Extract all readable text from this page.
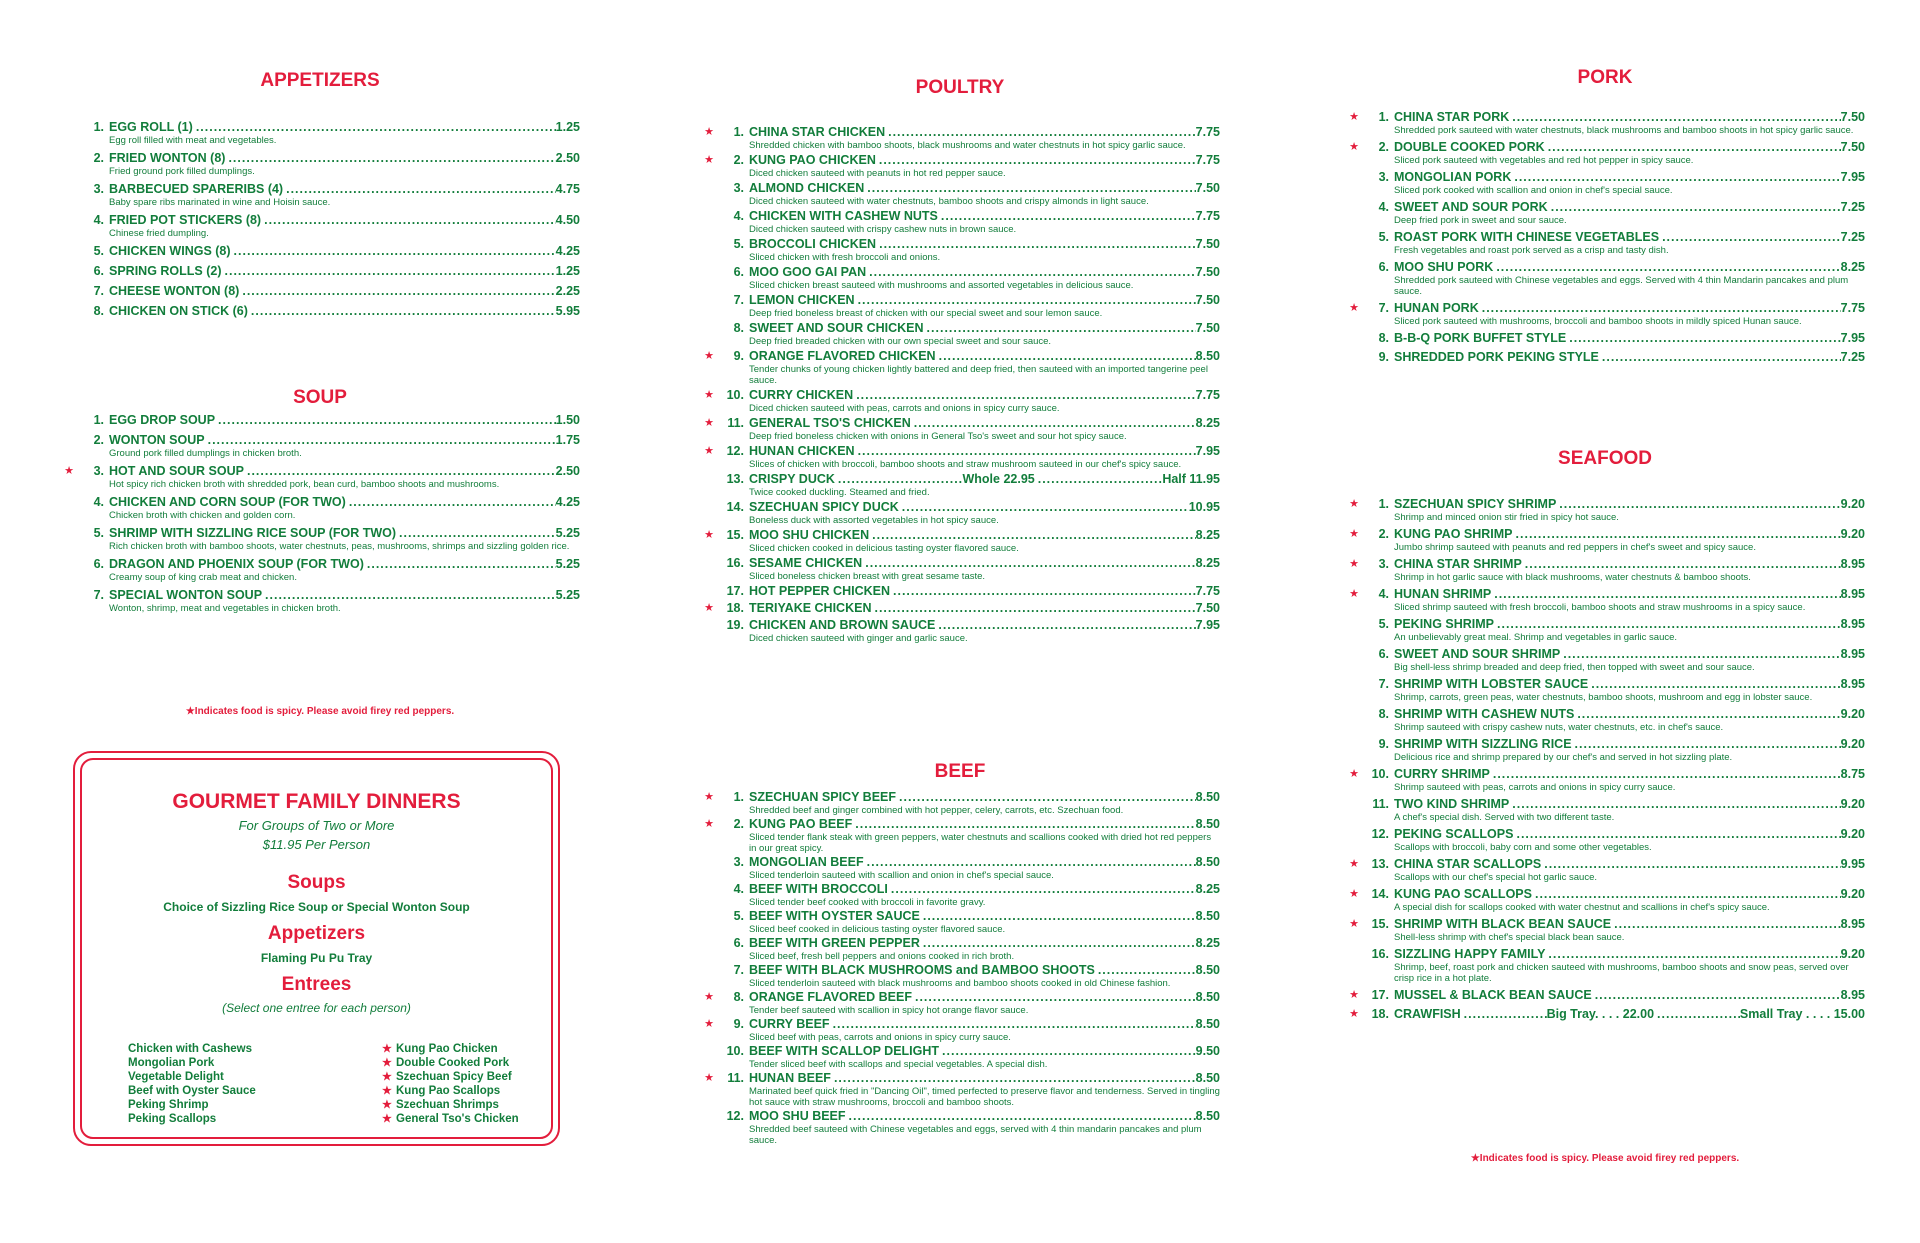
APPETIZERS
1. EGG ROLL (1) .....	1.25
Egg roll filled with meat and vegetables.
2. FRIED WONTON (8) .....	2.50
Fried ground pork filled dumplings.
3. BARBECUED SPARERIBS (4) .....	4.75
Baby spare ribs marinated in wine and Hoisin sauce.
4. FRIED POT STICKERS (8) .....	4.50
Chinese fried dumpling.
5. CHICKEN WINGS (8) .....	4.25
6. SPRING ROLLS (2) .....	1.25
7. CHEESE WONTON (8) .....	2.25
8. CHICKEN ON STICK (6) .....	5.95
SOUP
1. EGG DROP SOUP .....	1.50
2. WONTON SOUP .....	1.75
Ground pork filled dumplings in chicken broth.
★	3. HOT AND SOUR SOUP .....	2.50
Hot spicy rich chicken broth with shredded pork, bean curd, bamboo shoots and mushrooms.
4. CHICKEN AND CORN SOUP (FOR TWO) .....	4.25
Chicken broth with chicken and golden corn.
5. SHRIMP WITH SIZZLING RICE SOUP (FOR TWO) .....	5.25
Rich chicken broth with bamboo shoots, water chestnuts, peas, mushrooms, shrimps and sizzling golden rice.
6. DRAGON AND PHOENIX SOUP (FOR TWO) .....	5.25
Creamy soup of king crab meat and chicken.
7. SPECIAL WONTON SOUP .....	5.25
Wonton, shrimp, meat and vegetables in chicken broth.
★Indicates food is spicy. Please avoid firey red peppers.
GOURMET FAMILY DINNERS
For Groups of Two or More
$11.95 Per Person
Soups
Choice of Sizzling Rice Soup or Special Wonton Soup
Appetizers
Flaming Pu Pu Tray
Entrees
(Select one entree for each person)
Chicken with Cashews
Mongolian Pork
Vegetable Delight
Beef with Oyster Sauce
Peking Shrimp
Peking Scallops
★ Kung Pao Chicken
★ Double Cooked Pork
★ Szechuan Spicy Beef
★ Kung Pao Scallops
★ Szechuan Shrimps
★ General Tso's Chicken
POULTRY
★	1. CHINA STAR CHICKEN .....	7.75
Shredded chicken with bamboo shoots, black mushrooms and water chestnuts in hot spicy garlic sauce.
★	2. KUNG PAO CHICKEN .....	7.75
Diced chicken sauteed with peanuts in hot red pepper sauce.
3. ALMOND CHICKEN .....	7.50
Diced chicken sauteed with water chestnuts, bamboo shoots and crispy almonds in light sauce.
4. CHICKEN WITH CASHEW NUTS .....	7.75
Diced chicken sauteed with crispy cashew nuts in brown sauce.
5. BROCCOLI CHICKEN .....	7.50
Sliced chicken with fresh broccoli and onions.
6. MOO GOO GAI PAN .....	7.50
Sliced chicken breast sauteed with mushrooms and assorted vegetables in delicious sauce.
7. LEMON CHICKEN .....	7.50
Deep fried boneless breast of chicken with our special sweet and sour lemon sauce.
8. SWEET AND SOUR CHICKEN .....	7.50
Deep fried breaded chicken with our own special sweet and sour sauce.
★	9. ORANGE FLAVORED CHICKEN .....	8.50
Tender chunks of young chicken lightly battered and deep fried, then sauteed with an imported tangerine peel sauce.
★	10. CURRY CHICKEN .....	7.75
Diced chicken sauteed with peas, carrots and onions in spicy curry sauce.
★	11. GENERAL TSO'S CHICKEN .....	8.25
Deep fried boneless chicken with onions in General Tso's sweet and sour hot spicy sauce.
★	12. HUNAN CHICKEN .....	7.95
Slices of chicken with broccoli, bamboo shoots and straw mushroom sauteed in our chef's spicy sauce.
13. CRISPY DUCK .....	Whole 22.95 .....	Half 11.95
Twice cooked duckling. Steamed and fried.
14. SZECHUAN SPICY DUCK .....	10.95
Boneless duck with assorted vegetables in hot spicy sauce.
★	15. MOO SHU CHICKEN .....	8.25
Sliced chicken cooked in delicious tasting oyster flavored sauce.
16. SESAME CHICKEN .....	8.25
Sliced boneless chicken breast with great sesame taste.
17. HOT PEPPER CHICKEN .....	7.75
★	18. TERIYAKE CHICKEN .....	7.50
19. CHICKEN AND BROWN SAUCE .....	7.95
Diced chicken sauteed with ginger and garlic sauce.
BEEF
★	1. SZECHUAN SPICY BEEF .....	8.50
Shredded beef and ginger combined with hot pepper, celery, carrots, etc. Szechuan food.
★	2. KUNG PAO BEEF .....	8.50
Sliced tender flank steak with green peppers, water chestnuts and scallions cooked with dried hot red peppers in our great spicy.
3. MONGOLIAN BEEF .....	8.50
Sliced tenderloin sauteed with scallion and onion in chef's special sauce.
4. BEEF WITH BROCCOLI .....	8.25
Sliced tender beef cooked with broccoli in favorite gravy.
5. BEEF WITH OYSTER SAUCE .....	8.50
Sliced beef cooked in delicious tasting oyster flavored sauce.
6. BEEF WITH GREEN PEPPER .....	8.25
Sliced beef, fresh bell peppers and onions cooked in rich broth.
7. BEEF WITH BLACK MUSHROOMS and BAMBOO SHOOTS .....	8.50
Sliced tenderloin sauteed with black mushrooms and bamboo shoots cooked in old Chinese fashion.
★	8. ORANGE FLAVORED BEEF .....	8.50
Tender beef sauteed with scallion in spicy hot orange flavor sauce.
★	9. CURRY BEEF .....	8.50
Sliced beef with peas, carrots and onions in spicy curry sauce.
10. BEEF WITH SCALLOP DELIGHT .....	9.50
Tender sliced beef with scallops and special vegetables. A special dish.
★	11. HUNAN BEEF .....	8.50
Marinated beef quick fried in "Dancing Oil", timed perfected to preserve flavor and tenderness. Served in tingling hot sauce with straw mushrooms, broccoli and bamboo shoots.
12. MOO SHU BEEF .....	8.50
Shredded beef sauteed with Chinese vegetables and eggs, served with 4 thin mandarin pancakes and plum sauce.
PORK
★	1. CHINA STAR PORK .....	7.50
Shredded pork sauteed with water chestnuts, black mushrooms and bamboo shoots in hot spicy garlic sauce.
★	2. DOUBLE COOKED PORK .....	7.50
Sliced pork sauteed with vegetables and red hot pepper in spicy sauce.
3. MONGOLIAN PORK .....	7.95
Sliced pork cooked with scallion and onion in chef's special sauce.
4. SWEET AND SOUR PORK .....	7.25
Deep fried pork in sweet and sour sauce.
5. ROAST PORK WITH CHINESE VEGETABLES .....	7.25
Fresh vegetables and roast pork served as a crisp and tasty dish.
6. MOO SHU PORK .....	8.25
Shredded pork sauteed with Chinese vegetables and eggs. Served with 4 thin Mandarin pancakes and plum sauce.
★	7. HUNAN PORK .....	7.75
Sliced pork sauteed with mushrooms, broccoli and bamboo shoots in mildly spiced Hunan sauce.
8. B-B-Q PORK BUFFET STYLE .....	7.95
9. SHREDDED PORK PEKING STYLE .....	7.25
SEAFOOD
★	1. SZECHUAN SPICY SHRIMP .....	9.20
Shrimp and minced onion stir fried in spicy hot sauce.
★	2. KUNG PAO SHRIMP .....	9.20
Jumbo shrimp sauteed with peanuts and red peppers in chef's sweet and spicy sauce.
★	3. CHINA STAR SHRIMP .....	8.95
Shrimp in hot garlic sauce with black mushrooms, water chestnuts & bamboo shoots.
★	4. HUNAN SHRIMP .....	8.95
Sliced shrimp sauteed with fresh broccoli, bamboo shoots and straw mushrooms in a spicy sauce.
5. PEKING SHRIMP .....	8.95
An unbelievably great meal. Shrimp and vegetables in garlic sauce.
6. SWEET AND SOUR SHRIMP .....	8.95
Big shell-less shrimp breaded and deep fried, then topped with sweet and sour sauce.
7. SHRIMP WITH LOBSTER SAUCE .....	8.95
Shrimp, carrots, green peas, water chestnuts, bamboo shoots, mushroom and egg in lobster sauce.
8. SHRIMP WITH CASHEW NUTS .....	9.20
Shrimp sauteed with crispy cashew nuts, water chestnuts, etc. in chef's sauce.
9. SHRIMP WITH SIZZLING RICE .....	9.20
Delicious rice and shrimp prepared by our chef's and served in hot sizzling plate.
★	10. CURRY SHRIMP .....	8.75
Shrimp sauteed with peas, carrots and onions in spicy curry sauce.
11. TWO KIND SHRIMP .....	9.20
A chef's special dish. Served with two different taste.
12. PEKING SCALLOPS .....	9.20
Scallops with broccoli, baby corn and some other vegetables.
★	13. CHINA STAR SCALLOPS .....	9.95
Scallops with our chef's special hot garlic sauce.
★	14. KUNG PAO SCALLOPS .....	9.20
A special dish for scallops cooked with water chestnut and scallions in chef's spicy sauce.
★	15. SHRIMP WITH BLACK BEAN SAUCE .....	8.95
Shell-less shrimp with chef's special black bean sauce.
16. SIZZLING HAPPY FAMILY .....	9.20
Shrimp, beef, roast pork and chicken sauteed with mushrooms, bamboo shoots and snow peas, served over crisp rice in a hot plate.
★	17. MUSSEL & BLACK BEAN SAUCE .....	8.95
★	18. CRAWFISH .....	Big Tray. . . . 22.00 .....	Small Tray . . . . 15.00
★Indicates food is spicy. Please avoid firey red peppers.
